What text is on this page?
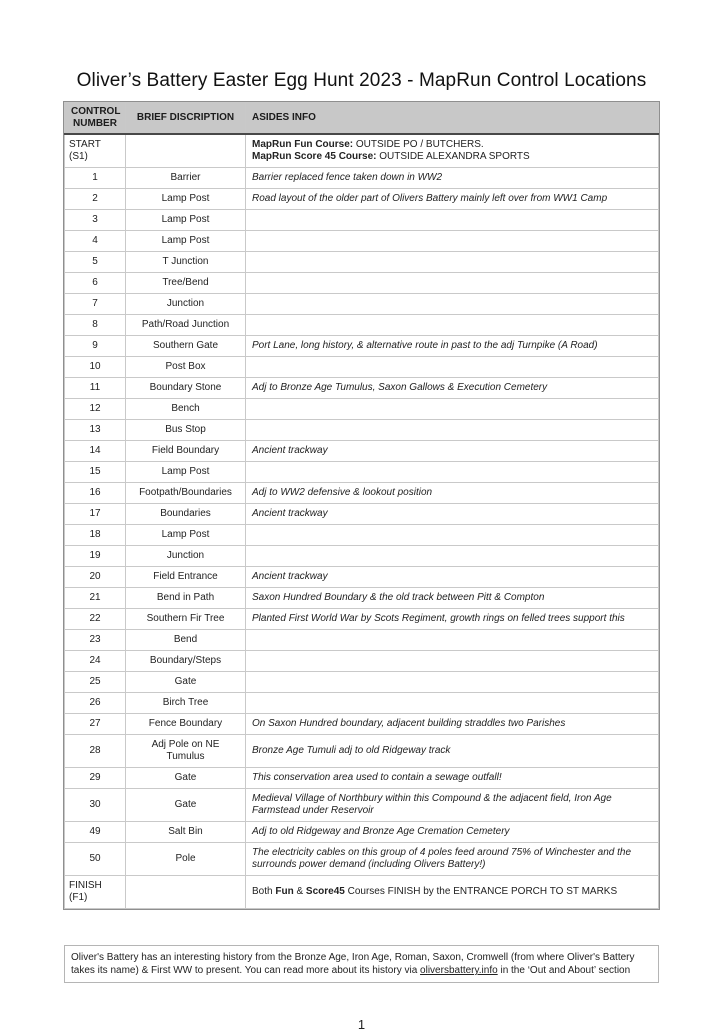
Oliver’s Battery Easter Egg Hunt 2023 - MapRun Control Locations
CONTROL NUMBER	BRIEF DISCRIPTION	ASIDES INFO
START (S1)		MapRun Fun Course: OUTSIDE PO / BUTCHERS.
MapRun Score 45 Course: OUTSIDE ALEXANDRA SPORTS
1	Barrier	Barrier replaced fence taken down in WW2
2	Lamp Post	Road layout of the older part of Olivers Battery mainly left over from WW1 Camp
3	Lamp Post	
4	Lamp Post	
5	T Junction	
6	Tree/Bend	
7	Junction	
8	Path/Road Junction	
9	Southern Gate	Port Lane, long history, & alternative route in past to the adj Turnpike (A Road)
10	Post Box	
11	Boundary Stone	Adj to Bronze Age Tumulus, Saxon Gallows & Execution Cemetery
12	Bench	
13	Bus Stop	
14	Field Boundary	Ancient trackway
15	Lamp Post	
16	Footpath/Boundaries	Adj to WW2 defensive & lookout position
17	Boundaries	Ancient trackway
18	Lamp Post	
19	Junction	
20	Field Entrance	Ancient trackway
21	Bend in Path	Saxon Hundred Boundary & the old track between Pitt & Compton
22	Southern Fir Tree	Planted First World War by Scots Regiment, growth rings on felled trees support this
23	Bend	
24	Boundary/Steps	
25	Gate	
26	Birch Tree	
27	Fence Boundary	On Saxon Hundred boundary, adjacent building straddles two Parishes
28	Adj Pole on NE Tumulus	Bronze Age Tumuli adj to old Ridgeway track
29	Gate	This conservation area used to contain a sewage outfall!
30	Gate	Medieval Village of Northbury within this Compound & the adjacent field, Iron Age Farmstead under Reservoir
49	Salt Bin	Adj to old Ridgeway and Bronze Age Cremation Cemetery
50	Pole	The electricity cables on this group of 4 poles feed around 75% of Winchester and the surrounds power demand (including Olivers Battery!)
FINISH (F1)		Both Fun & Score45 Courses FINISH by the ENTRANCE PORCH TO ST MARKS
Oliver's Battery has an interesting history from the Bronze Age, Iron Age, Roman, Saxon, Cromwell (from where Oliver's Battery takes its name) & First WW to present. You can read more about its history via oliversbattery.info in the ‘Out and About’ section
1
